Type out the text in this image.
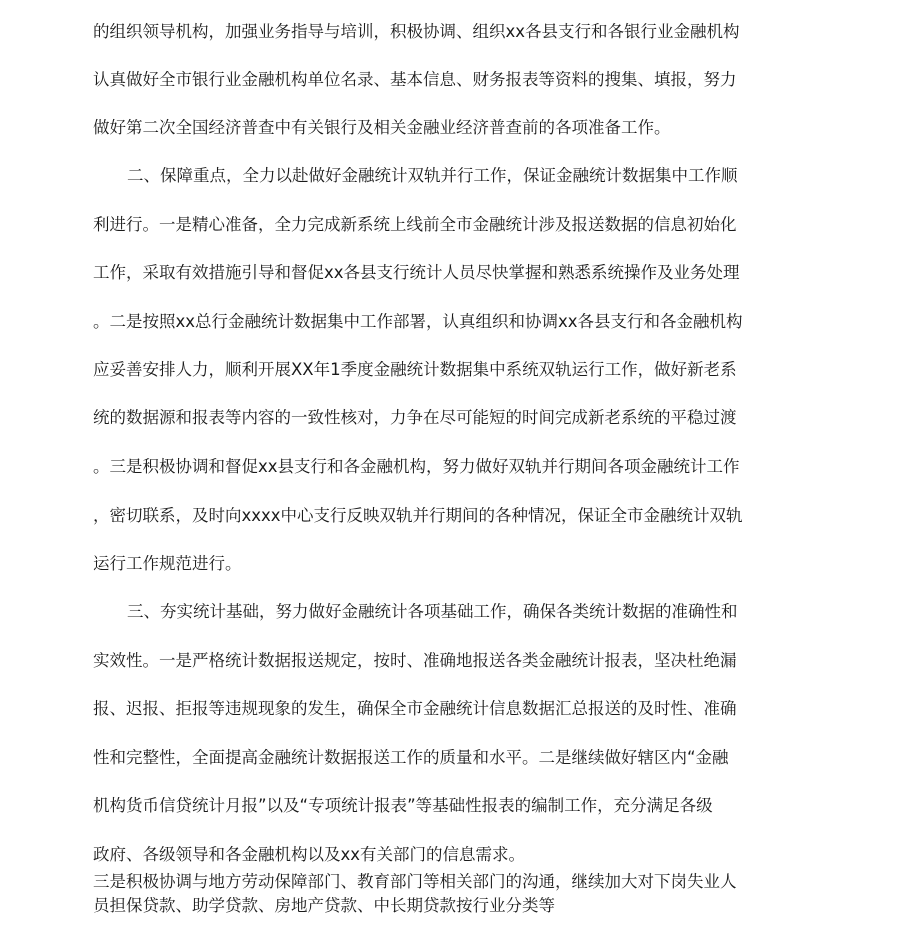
的组织领导机构，加强业务指导与培训，积极协调、组织xx各县支行和各银行业金融机构
认真做好全市银行业金融机构单位名录、基本信息、财务报表等资料的搜集、填报，努力
做好第二次全国经济普查中有关银行及相关金融业经济普查前的各项准备工作。
二、保障重点，全力以赴做好金融统计双轨并行工作，保证金融统计数据集中工作顺
利进行。一是精心准备，全力完成新系统上线前全市金融统计涉及报送数据的信息初始化
工作，采取有效措施引导和督促xx各县支行统计人员尽快掌握和熟悉系统操作及业务处理
。二是按照xx总行金融统计数据集中工作部署，认真组织和协调xx各县支行和各金融机构
应妥善安排人力，顺利开展XX年1季度金融统计数据集中系统双轨运行工作，做好新老系
统的数据源和报表等内容的一致性核对，力争在尽可能短的时间完成新老系统的平稳过渡
。三是积极协调和督促xx县支行和各金融机构，努力做好双轨并行期间各项金融统计工作
，密切联系，及时向xxxx中心支行反映双轨并行期间的各种情况，保证全市金融统计双轨
运行工作规范进行。
三、夯实统计基础，努力做好金融统计各项基础工作，确保各类统计数据的准确性和
实效性。一是严格统计数据报送规定，按时、准确地报送各类金融统计报表，坚决杜绝漏
报、迟报、拒报等违规现象的发生，确保全市金融统计信息数据汇总报送的及时性、准确
性和完整性，全面提高金融统计数据报送工作的质量和水平。二是继续做好辖区内“金融
机构货币信贷统计月报”以及“专项统计报表”等基础性报表的编制工作，充分满足各级
政府、各级领导和各金融机构以及xx有关部门的信息需求。
三是积极协调与地方劳动保障部门、教育部门等相关部门的沟通，继续加大对下岗失业人
员担保贷款、助学贷款、房地产贷款、中长期贷款按行业分类等
